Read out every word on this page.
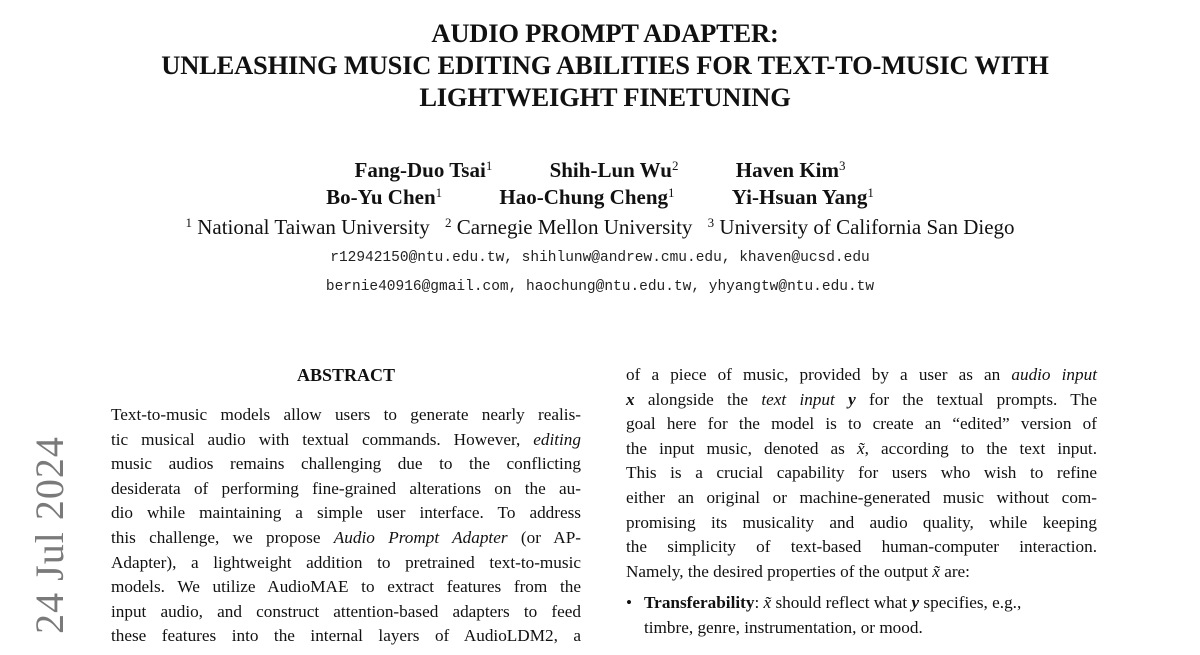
AUDIO PROMPT ADAPTER:
UNLEASHING MUSIC EDITING ABILITIES FOR TEXT-TO-MUSIC WITH
LIGHTWEIGHT FINETUNING
Fang-Duo Tsai$^1$	Shih-Lun Wu$^2$	Haven Kim$^3$
Bo-Yu Chen$^1$	Hao-Chung Cheng$^1$	Yi-Hsuan Yang$^1$
$^1$ National Taiwan University $^2$ Carnegie Mellon University $^3$ University of California San Diego
r12942150@ntu.edu.tw, shihlunw@andrew.cmu.edu, khaven@ucsd.edu
bernie40916@gmail.com, haochung@ntu.edu.tw, yhyangtw@ntu.edu.tw
24 Jul 2024
ABSTRACT
Text-to-music models allow users to generate nearly realis-
tic musical audio with textual commands. However, editing
music audios remains challenging due to the conflicting
desiderata of performing fine-grained alterations on the au-
dio while maintaining a simple user interface. To address
this challenge, we propose Audio Prompt Adapter (or AP-
Adapter), a lightweight addition to pretrained text-to-music
models. We utilize AudioMAE to extract features from the
input audio, and construct attention-based adapters to feed
these features into the internal layers of AudioLDM2, a
of a piece of music, provided by a user as an audio input
x alongside the text input y for the textual prompts. The
goal here for the model is to create an “edited” version of
the input music, denoted as x̃, according to the text input.
This is a crucial capability for users who wish to refine
either an original or machine-generated music without com-
promising its musicality and audio quality, while keeping
the simplicity of text-based human-computer interaction.
Namely, the desired properties of the output x̃ are:
• Transferability: x̃ should reflect what y specifies, e.g.,
timbre, genre, instrumentation, or mood.
